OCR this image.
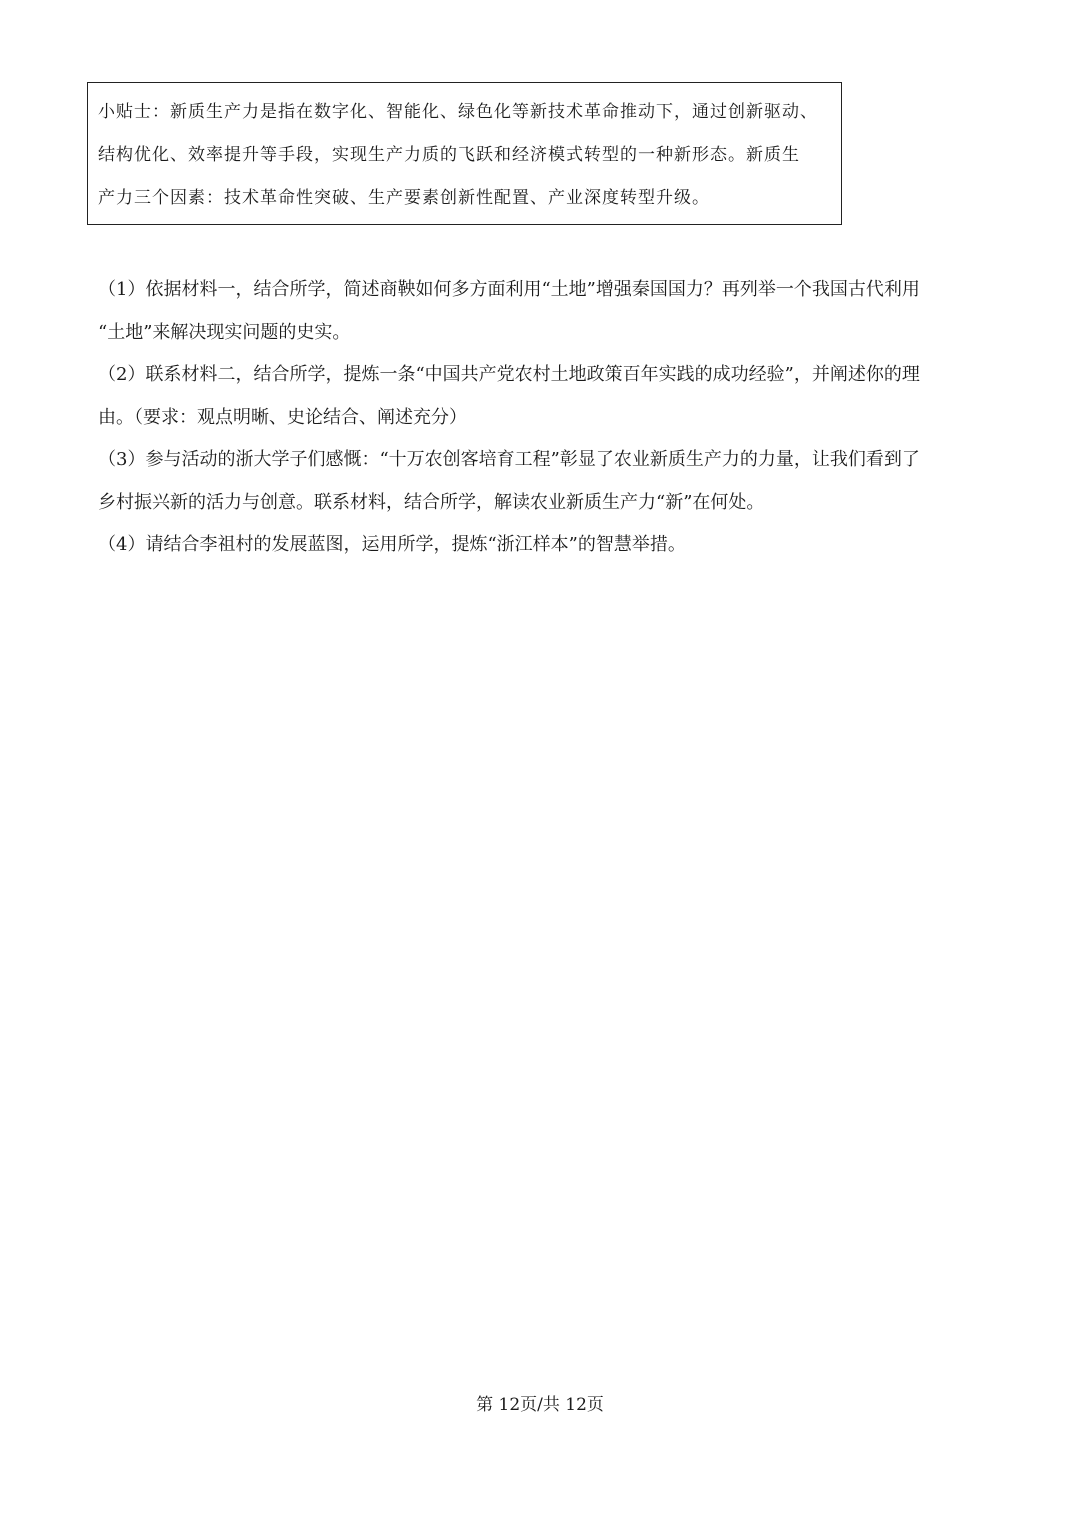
小贴士：新质生产力是指在数字化、智能化、绿色化等新技术革命推动下，通过创新驱动、
结构优化、效率提升等手段，实现生产力质的飞跃和经济模式转型的一种新形态。新质生
产力三个因素：技术革命性突破、生产要素创新性配置、产业深度转型升级。
（1）依据材料一，结合所学，简述商鞅如何多方面利用“土地”增强秦国国力？再列举一个我国古代利用
“土地”来解决现实问题的史实。
（2）联系材料二，结合所学，提炼一条“中国共产党农村土地政策百年实践的成功经验”，并阐述你的理
由。（要求：观点明晰、史论结合、阐述充分）
（3）参与活动的浙大学子们感慨：“十万农创客培育工程”彰显了农业新质生产力的力量，让我们看到了
乡村振兴新的活力与创意。联系材料，结合所学，解读农业新质生产力“新”在何处。
（4）请结合李祖村的发展蓝图，运用所学，提炼“浙江样本”的智慧举措。
第 12页/共 12页
